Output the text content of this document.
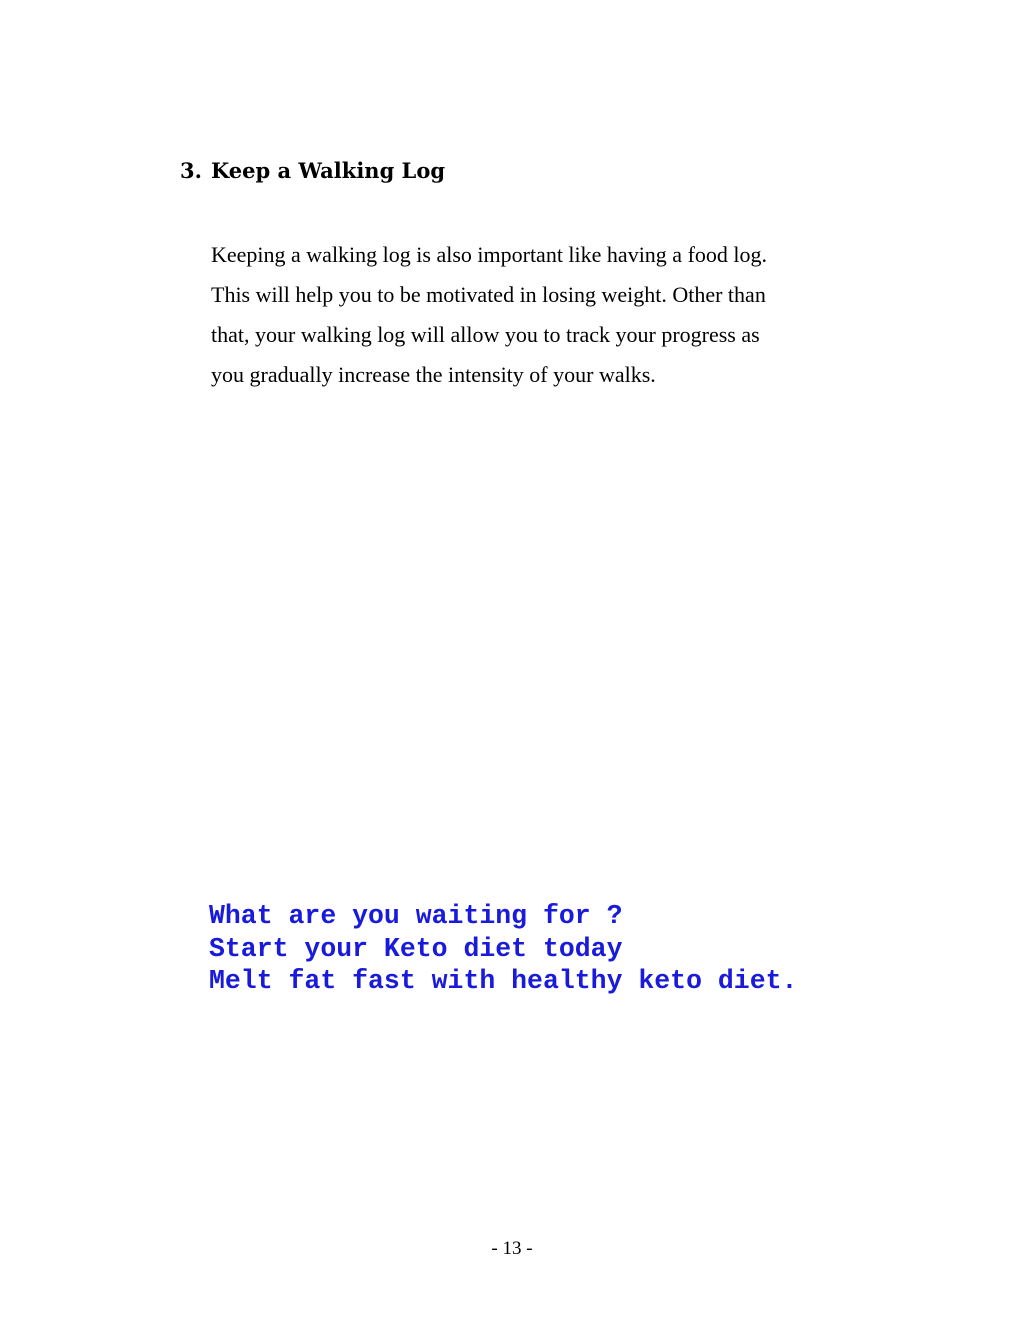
3. Keep a Walking Log
Keeping a walking log is also important like having a food log.
This will help you to be motivated in losing weight. Other than
that, your walking log will allow you to track your progress as
you gradually increase the intensity of your walks.
What are you waiting for ?
Start your Keto diet today
Melt fat fast with healthy keto diet.
- 13 -
